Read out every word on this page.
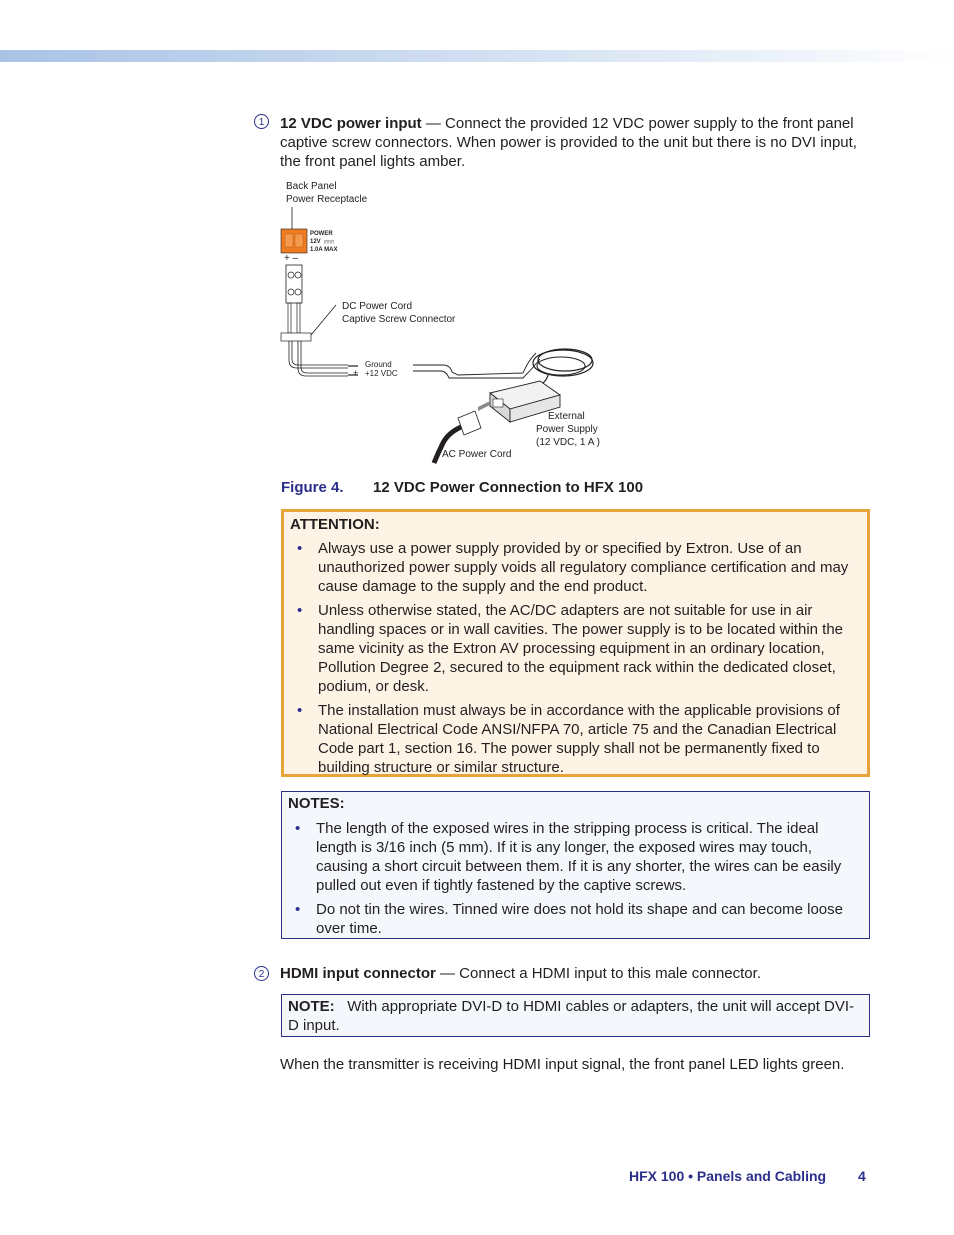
1	12 VDC power input — Connect the provided 12 VDC power supply to the front panel captive screw connectors. When power is provided to the unit but there is no DVI input, the front panel lights amber.
Back Panel
Power Receptacle
POWER
12V
1.0A MAX
+ –
DC Power Cord
Captive Screw Connector
– Ground
+ +12 VDC
External
Power Supply
(12 VDC, 1 A )
AC Power Cord
Figure 4. 12 VDC Power Connection to HFX 100
ATTENTION:
• Always use a power supply provided by or specified by Extron. Use of an unauthorized power supply voids all regulatory compliance certification and may cause damage to the supply and the end product.
• Unless otherwise stated, the AC/DC adapters are not suitable for use in air handling spaces or in wall cavities. The power supply is to be located within the same vicinity as the Extron AV processing equipment in an ordinary location, Pollution Degree 2, secured to the equipment rack within the dedicated closet, podium, or desk.
• The installation must always be in accordance with the applicable provisions of National Electrical Code ANSI/NFPA 70, article 75 and the Canadian Electrical Code part 1, section 16. The power supply shall not be permanently fixed to building structure or similar structure.
NOTES:
• The length of the exposed wires in the stripping process is critical. The ideal length is 3/16 inch (5 mm). If it is any longer, the exposed wires may touch, causing a short circuit between them. If it is any shorter, the wires can be easily pulled out even if tightly fastened by the captive screws.
• Do not tin the wires. Tinned wire does not hold its shape and can become loose over time.
2	HDMI input connector — Connect a HDMI input to this male connector.
NOTE: With appropriate DVI-D to HDMI cables or adapters, the unit will accept DVI-D input.
When the transmitter is receiving HDMI input signal, the front panel LED lights green.
HFX 100 • Panels and Cabling 4
